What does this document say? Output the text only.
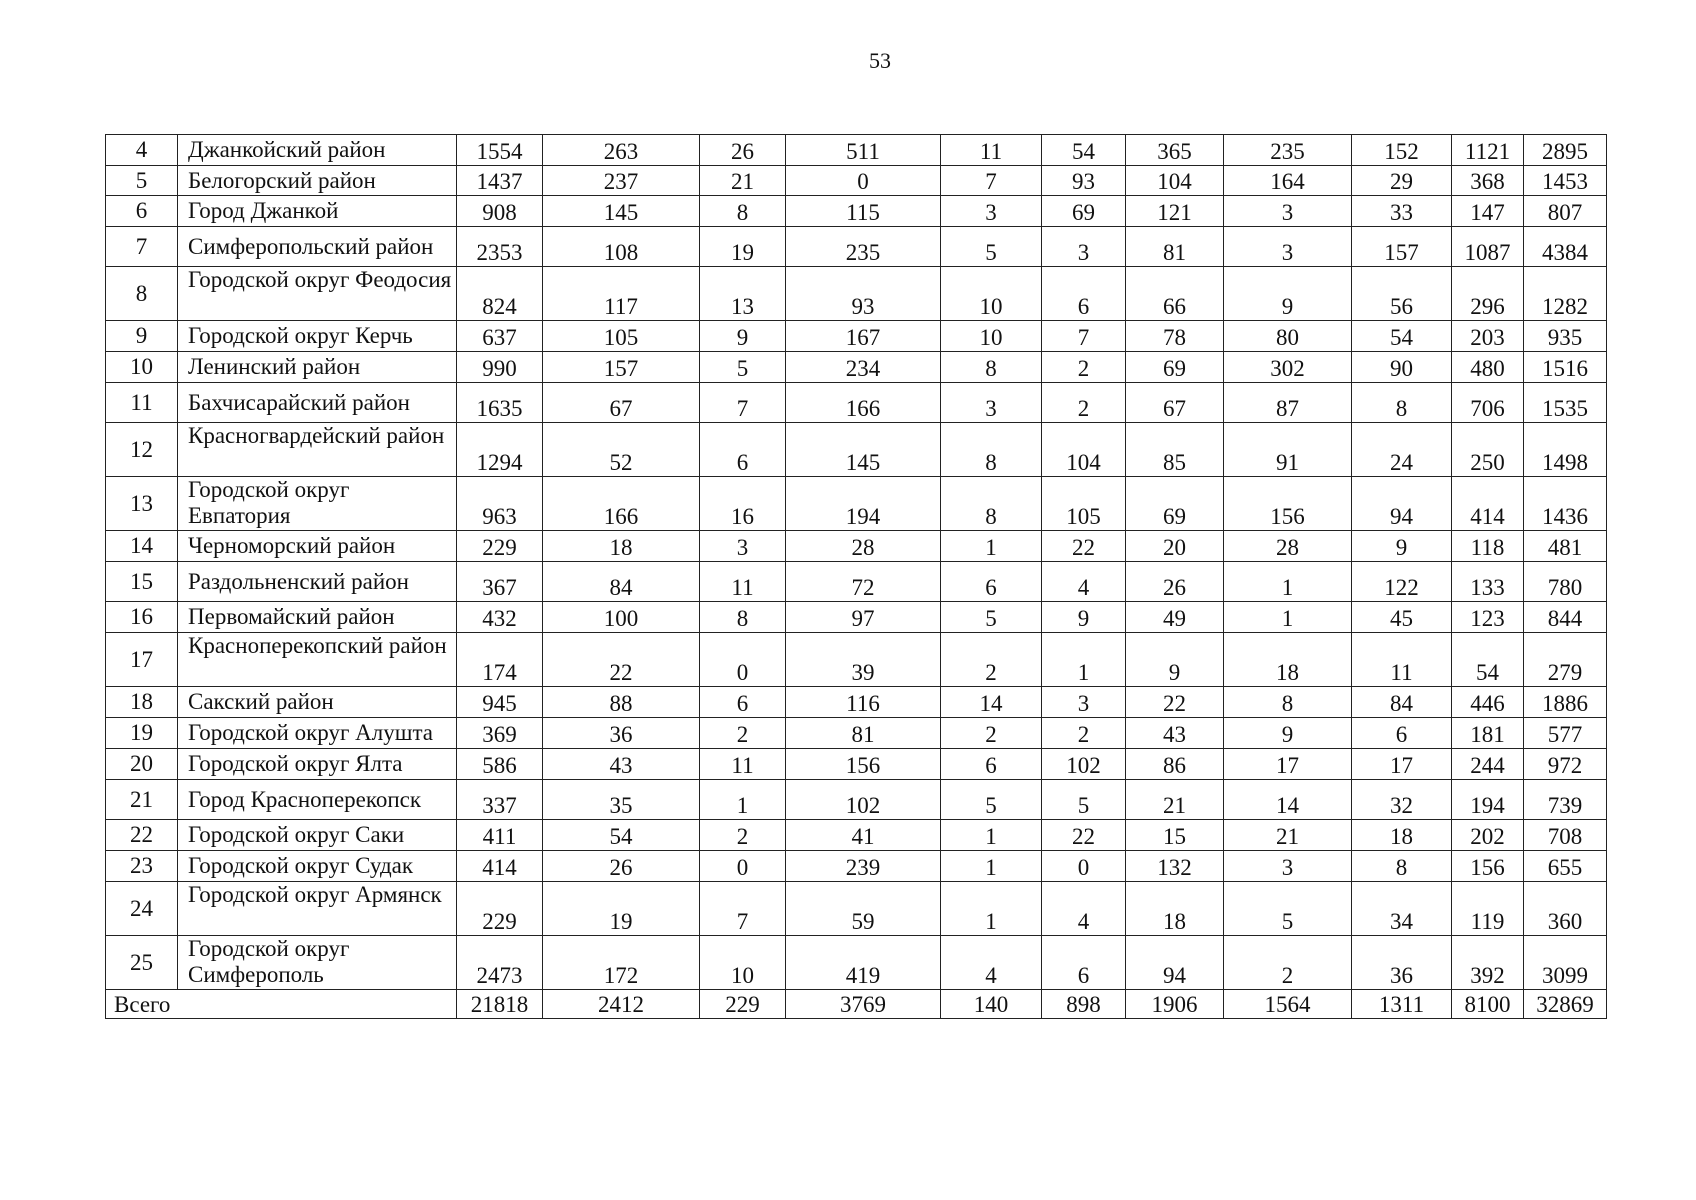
53
4	Джанкойский район	1554	263	26	511	11	54	365	235	152	1121	2895
5	Белогорский район	1437	237	21	0	7	93	104	164	29	368	1453
6	Город Джанкой	908	145	8	115	3	69	121	3	33	147	807
7	Симферопольский район	2353	108	19	235	5	3	81	3	157	1087	4384
8	Городской округ Феодосия	824	117	13	93	10	6	66	9	56	296	1282
9	Городской округ Керчь	637	105	9	167	10	7	78	80	54	203	935
10	Ленинский район	990	157	5	234	8	2	69	302	90	480	1516
11	Бахчисарайский район	1635	67	7	166	3	2	67	87	8	706	1535
12	Красногвардейский район	1294	52	6	145	8	104	85	91	24	250	1498
13	Городской округ Евпатория	963	166	16	194	8	105	69	156	94	414	1436
14	Черноморский район	229	18	3	28	1	22	20	28	9	118	481
15	Раздольненский район	367	84	11	72	6	4	26	1	122	133	780
16	Первомайский район	432	100	8	97	5	9	49	1	45	123	844
17	Красноперекопский район	174	22	0	39	2	1	9	18	11	54	279
18	Сакский район	945	88	6	116	14	3	22	8	84	446	1886
19	Городской округ Алушта	369	36	2	81	2	2	43	9	6	181	577
20	Городской округ Ялта	586	43	11	156	6	102	86	17	17	244	972
21	Город Красноперекопск	337	35	1	102	5	5	21	14	32	194	739
22	Городской округ Саки	411	54	2	41	1	22	15	21	18	202	708
23	Городской округ Судак	414	26	0	239	1	0	132	3	8	156	655
24	Городской округ Армянск	229	19	7	59	1	4	18	5	34	119	360
25	Городской округ Симферополь	2473	172	10	419	4	6	94	2	36	392	3099
Всего		21818	2412	229	3769	140	898	1906	1564	1311	8100	32869
